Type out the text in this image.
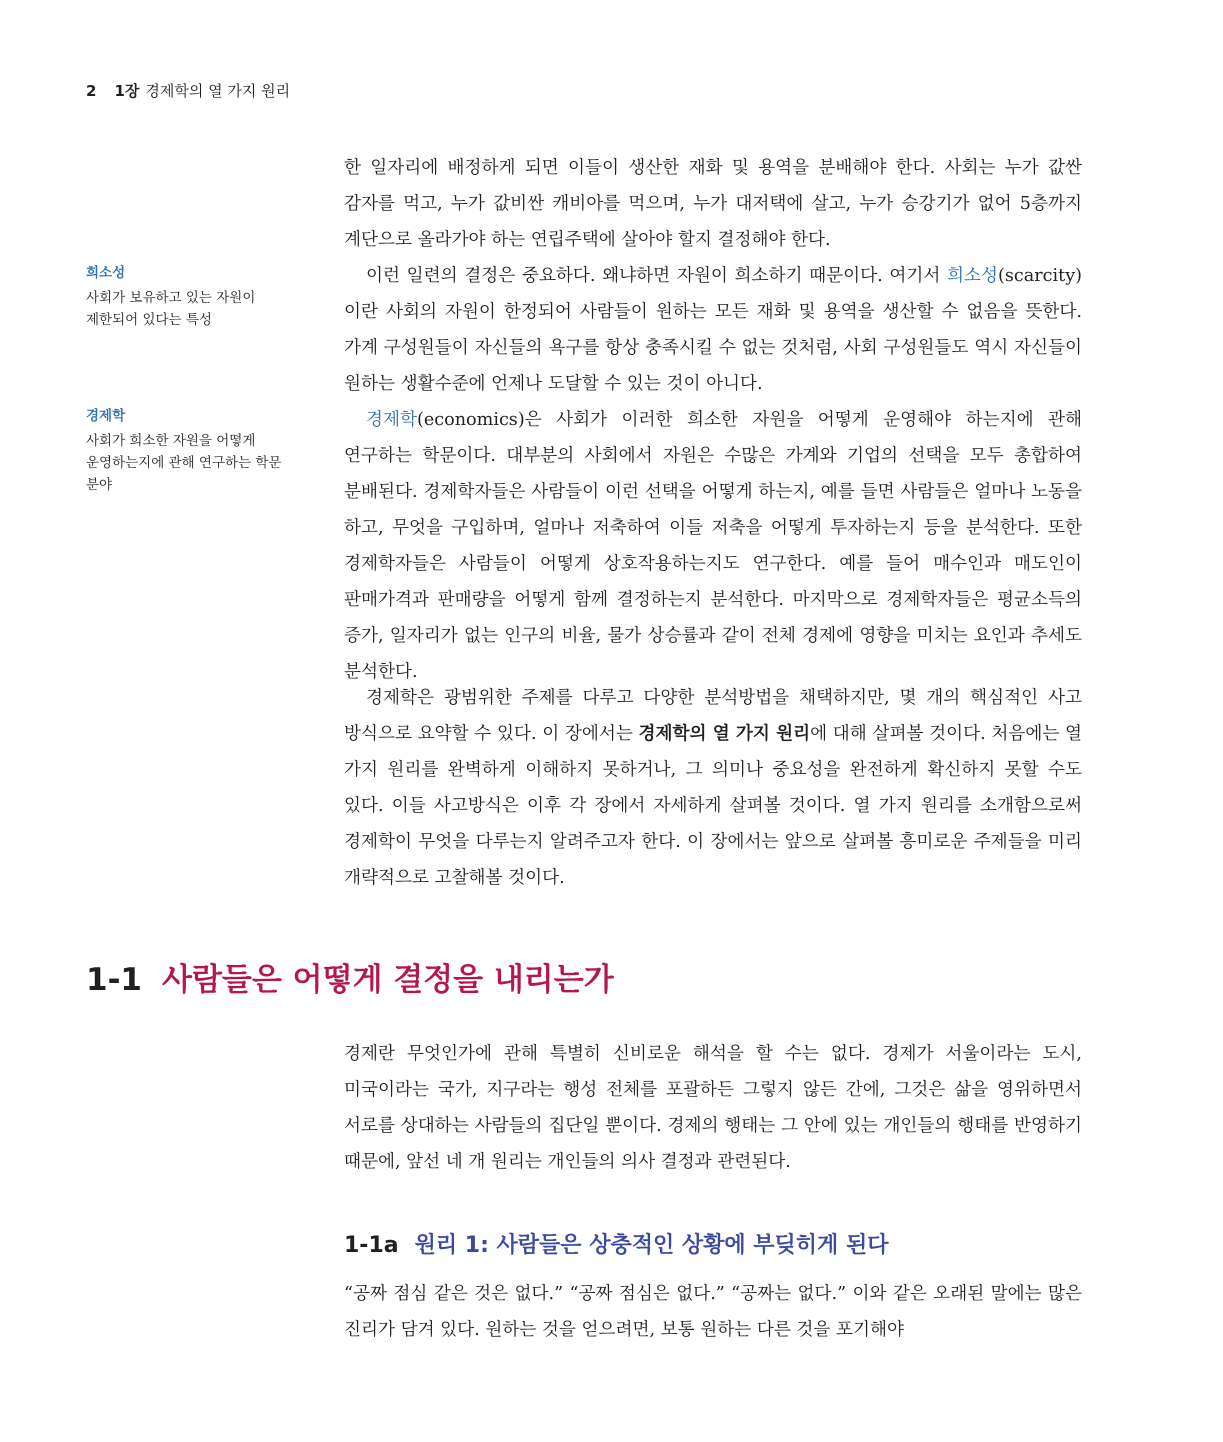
2 1장 경제학의 열 가지 원리

한 일자리에 배정하게 되면 이들이 생산한 재화 및 용역을 분배해야 한다. 사회는 누가 값싼 감자를 먹고, 누가 값비싼 캐비아를 먹으며, 누가 대저택에 살고, 누가 승강기가 없어 5층까지 계단으로 올라가야 하는 연립주택에 살아야 할지 결정해야 한다.

희소성
사회가 보유하고 있는 자원이 제한되어 있다는 특성

이런 일련의 결정은 중요하다. 왜냐하면 자원이 희소하기 때문이다. 여기서 희소성(scarcity)이란 사회의 자원이 한정되어 사람들이 원하는 모든 재화 및 용역을 생산할 수 없음을 뜻한다. 가계 구성원들이 자신들의 욕구를 항상 충족시킬 수 없는 것처럼, 사회 구성원들도 역시 자신들이 원하는 생활수준에 언제나 도달할 수 있는 것이 아니다.

경제학
사회가 희소한 자원을 어떻게 운영하는지에 관해 연구하는 학문 분야

경제학(economics)은 사회가 이러한 희소한 자원을 어떻게 운영해야 하는지에 관해 연구하는 학문이다. 대부분의 사회에서 자원은 수많은 가계와 기업의 선택을 모두 총합하여 분배된다. 경제학자들은 사람들이 이런 선택을 어떻게 하는지, 예를 들면 사람들은 얼마나 노동을 하고, 무엇을 구입하며, 얼마나 저축하여 이들 저축을 어떻게 투자하는지 등을 분석한다. 또한 경제학자들은 사람들이 어떻게 상호작용하는지도 연구한다. 예를 들어 매수인과 매도인이 판매가격과 판매량을 어떻게 함께 결정하는지 분석한다. 마지막으로 경제학자들은 평균소득의 증가, 일자리가 없는 인구의 비율, 물가 상승률과 같이 전체 경제에 영향을 미치는 요인과 추세도 분석한다.

경제학은 광범위한 주제를 다루고 다양한 분석방법을 채택하지만, 몇 개의 핵심적인 사고 방식으로 요약할 수 있다. 이 장에서는 경제학의 열 가지 원리에 대해 살펴볼 것이다. 처음에는 열 가지 원리를 완벽하게 이해하지 못하거나, 그 의미나 중요성을 완전하게 확신하지 못할 수도 있다. 이들 사고방식은 이후 각 장에서 자세하게 살펴볼 것이다. 열 가지 원리를 소개함으로써 경제학이 무엇을 다루는지 알려주고자 한다. 이 장에서는 앞으로 살펴볼 흥미로운 주제들을 미리 개략적으로 고찰해볼 것이다.

1-1 사람들은 어떻게 결정을 내리는가

경제란 무엇인가에 관해 특별히 신비로운 해석을 할 수는 없다. 경제가 서울이라는 도시, 미국이라는 국가, 지구라는 행성 전체를 포괄하든 그렇지 않든 간에, 그것은 삶을 영위하면서 서로를 상대하는 사람들의 집단일 뿐이다. 경제의 행태는 그 안에 있는 개인들의 행태를 반영하기 때문에, 앞선 네 개 원리는 개인들의 의사 결정과 관련된다.

1-1a 원리 1: 사람들은 상충적인 상황에 부딪히게 된다

“공짜 점심 같은 것은 없다.” “공짜 점심은 없다.” “공짜는 없다.” 이와 같은 오래된 말에는 많은 진리가 담겨 있다. 원하는 것을 얻으려면, 보통 원하는 다른 것을 포기해야
